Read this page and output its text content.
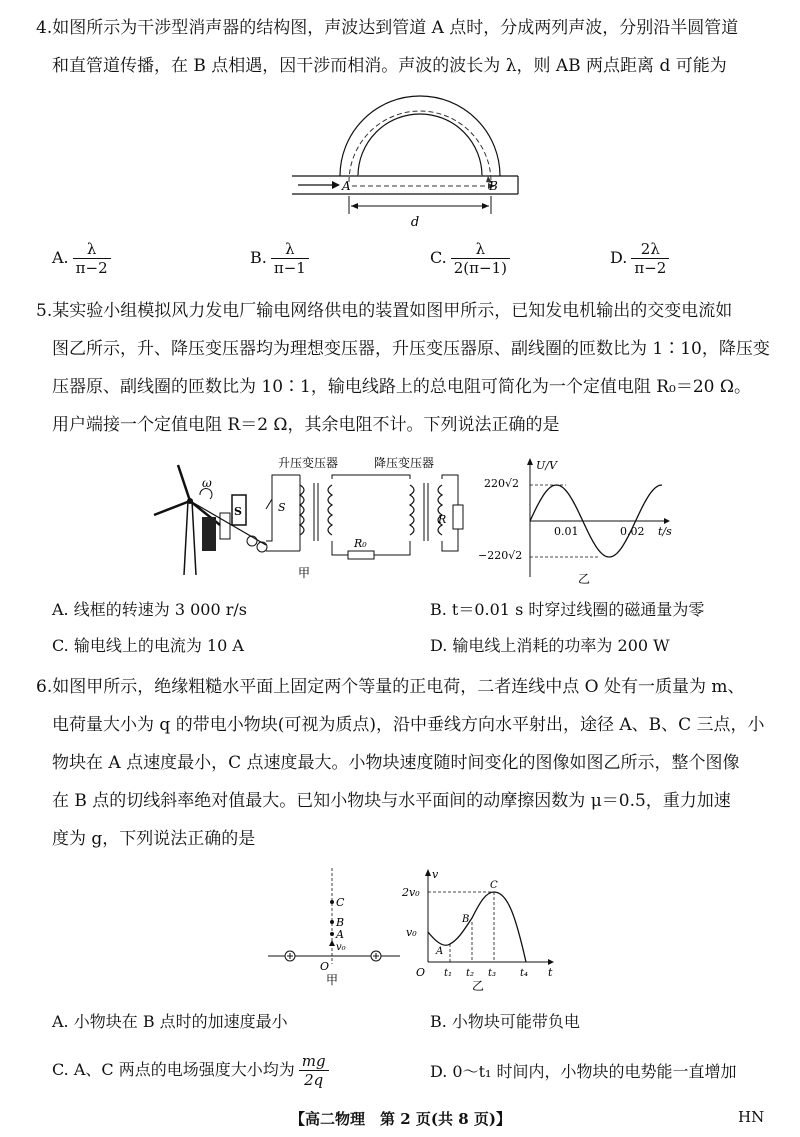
4.如图所示为干涉型消声器的结构图，声波达到管道 A 点时，分成两列声波，分别沿半圆管道
和直管道传播，在 B 点相遇，因干涉而相消。声波的波长为 λ，则 AB 两点距离 d 可能为
A	B
d
A. $\frac{\lambda}{\pi-2}$	B. $\frac{\lambda}{\pi-1}$	C. $\frac{\lambda}{2(\pi-1)}$	D. $\frac{2\lambda}{\pi-2}$
5.某实验小组模拟风力发电厂输电网络供电的装置如图甲所示，已知发电机输出的交变电流如
图乙所示，升、降压变压器均为理想变压器，升压变压器原、副线圈的匝数比为 1∶10，降压变
压器原、副线圈的匝数比为 10∶1，输电线路上的总电阻可简化为一个定值电阻 R₀＝20 Ω。
用户端接一个定值电阻 R＝2 Ω，其余电阻不计。下列说法正确的是
ω
S	S
升压变压器
R₀
降压变压器
R
甲
U/V
t/s
220√2
−220√2
0.01	0.02
乙
A. 线框的转速为 3 000 r/s	B. t＝0.01 s 时穿过线圈的磁通量为零
C. 输电线上的电流为 10 A	D. 输电线上消耗的功率为 200 W
6.如图甲所示，绝缘粗糙水平面上固定两个等量的正电荷，二者连线中点 O 处有一质量为 m、
电荷量大小为 q 的带电小物块(可视为质点)，沿中垂线方向水平射出，途径 A、B、C 三点，小
物块在 A 点速度最小，C 点速度最大。小物块速度随时间变化的图像如图乙所示，整个图像
在 B 点的切线斜率绝对值最大。已知小物块与水平面间的动摩擦因数为 μ＝0.5，重力加速
度为 g，下列说法正确的是
C
B
A
v₀
O
甲
v
t
2v₀
v₀
O
A
B
C
t₁ t₂ t₃ t₄
乙
A. 小物块在 B 点时的加速度最小	B. 小物块可能带负电
C. A、C 两点的电场强度大小均为 $\frac{mg}{2q}$	D. 0～t₁ 时间内，小物块的电势能一直增加
【高二物理　第 2 页(共 8 页)】	HN
